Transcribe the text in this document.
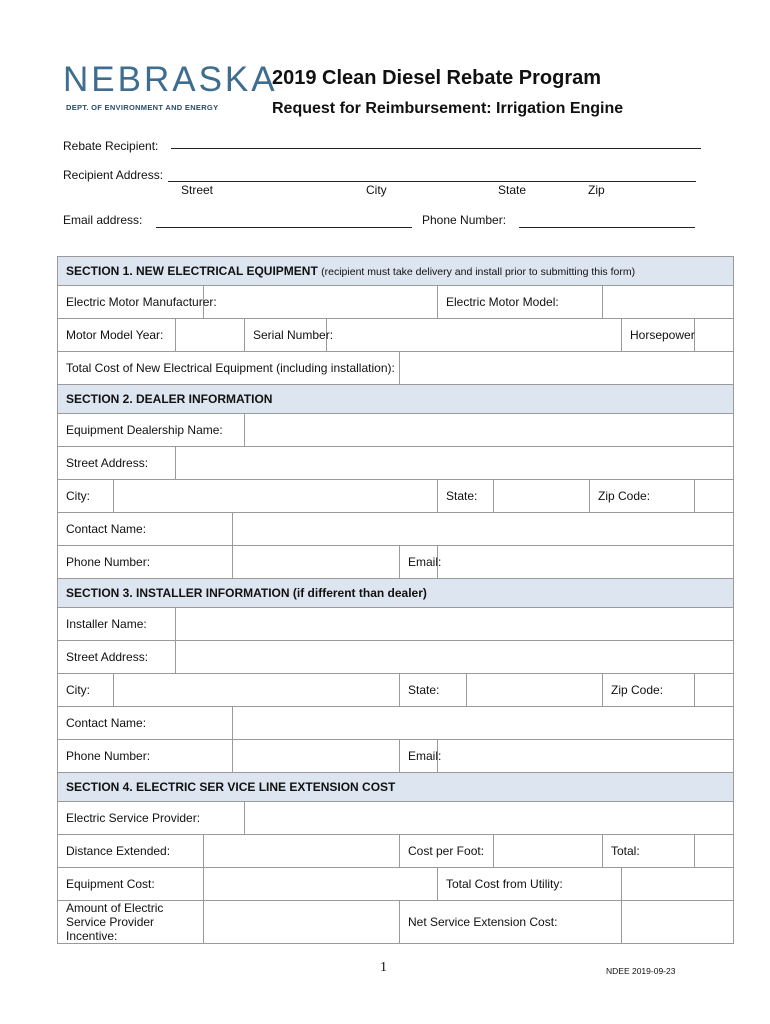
NEBRASKA
DEPT. OF ENVIRONMENT AND ENERGY
2019 Clean Diesel Rebate Program
Request for Reimbursement: Irrigation Engine
Rebate Recipient:
Recipient Address:
Street	City	State	Zip
Email address:	Phone Number:
SECTION 1. NEW ELECTRICAL EQUIPMENT (recipient must take delivery and install prior to submitting this form)														
Electric Motor Manufacturer:								Electric Motor Model:						
Motor Model Year:					Serial Number:								Horsepower	
Total Cost of New Electrical Equipment (including installation):														
SECTION 2. DEALER INFORMATION														
Equipment Dealership Name:														
Street Address:														
City:								State:			Zip Code:			
Contact Name:														
Phone Number:							Email:							
SECTION 3. INSTALLER INFORMATION (if different than dealer)														
Installer Name:														
Street Address:														
City:							State:					Zip Code:		
Contact Name:														
Phone Number:							Email:							
SECTION 4. ELECTRIC SER VICE LINE EXTENSION COST														
Electric Service Provider:														
Distance Extended:							Cost per Foot:					Total:		
Equipment Cost:								Total Cost from Utility:						
Amount of Electric Service Provider Incentive:							Net Service Extension Cost:							
1	NDEE 2019-09-23
